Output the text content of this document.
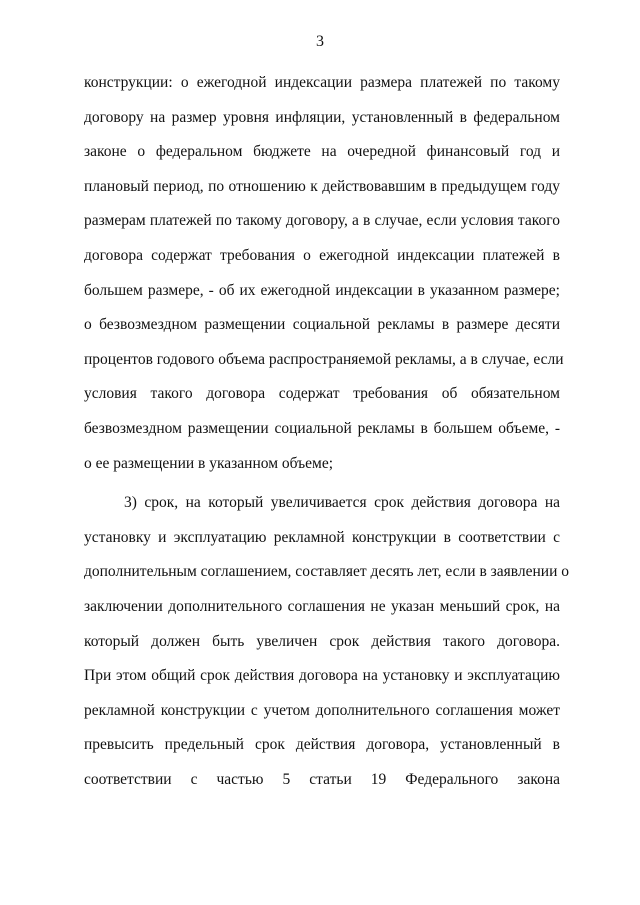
3
конструкции: о ежегодной индексации размера платежей по такому
договору на размер уровня инфляции, установленный в федеральном
законе о федеральном бюджете на очередной финансовый год и
плановый период, по отношению к действовавшим в предыдущем году
размерам платежей по такому договору, а в случае, если условия такого
договора содержат требования о ежегодной индексации платежей в
большем размере, - об их ежегодной индексации в указанном размере;
о безвозмездном размещении социальной рекламы в размере десяти
процентов годового объема распространяемой рекламы, а в случае, если
условия такого договора содержат требования об обязательном
безвозмездном размещении социальной рекламы в большем объеме, -
о ее размещении в указанном объеме;
3) срок, на который увеличивается срок действия договора на
установку и эксплуатацию рекламной конструкции в соответствии с
дополнительным соглашением, составляет десять лет, если в заявлении о
заключении дополнительного соглашения не указан меньший срок, на
который должен быть увеличен срок действия такого договора.
При этом общий срок действия договора на установку и эксплуатацию
рекламной конструкции с учетом дополнительного соглашения может
превысить предельный срок действия договора, установленный в
соответствии с частью 5 статьи 19 Федерального закона
